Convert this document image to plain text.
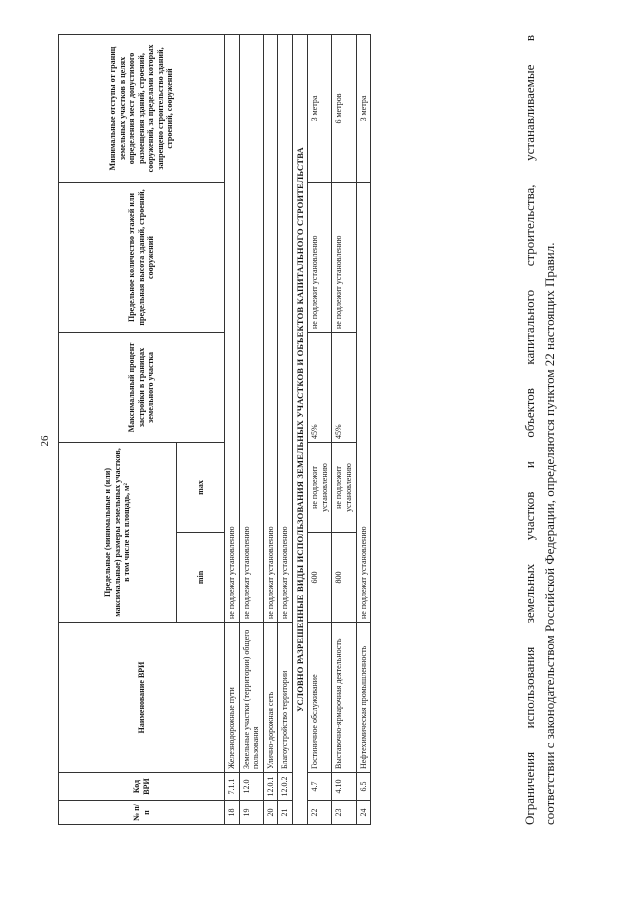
26
№ п/п	Код ВРИ	Наименование ВРИ	Предельные (минимальные и (или) максимальные) размеры земельных участков, в том числе их площадь, м²		Максимальный процент застройки в границах земельного участка	Предельное количество этажей или предельная высота зданий, строений, сооружений	Минимальные отступы от границ земельных участков в целях определения мест допустимого размещения зданий, строений, сооружений, за пределами которых запрещено строительство зданий, строений, сооружений
			min	max			
18	7.1.1	Железнодорожные пути	не подлежат установлению				
19	12.0	Земельные участки (территории) общего пользования	не подлежат установлению				
20	12.0.1	Улично-дорожная сеть	не подлежат установлению				
21	12.0.2	Благоустройство территории	не подлежат установлению				
УСЛОВНО РАЗРЕШЕННЫЕ ВИДЫ ИСПОЛЬЗОВАНИЯ ЗЕМЕЛЬНЫХ УЧАСТКОВ И ОБЪЕКТОВ КАПИТАЛЬНОГО СТРОИТЕЛЬСТВА							
22	4.7	Гостиничное обслуживание	600	не подлежит установлению	45%	не подлежит установлению	3 метра
23	4.10	Выставочно-ярмарочная деятельность	800	не подлежит установлению	45%	не подлежит установлению	6 метров
24	6.5	Нефтехимическая промышленность	не подлежат установлению				3 метра	Ограничения использования земельных участков и объектов капитального строительства, устанавливаемые в соответствии с законодательством Российской Федерации, определяются пунктом 22 настоящих Правил.
